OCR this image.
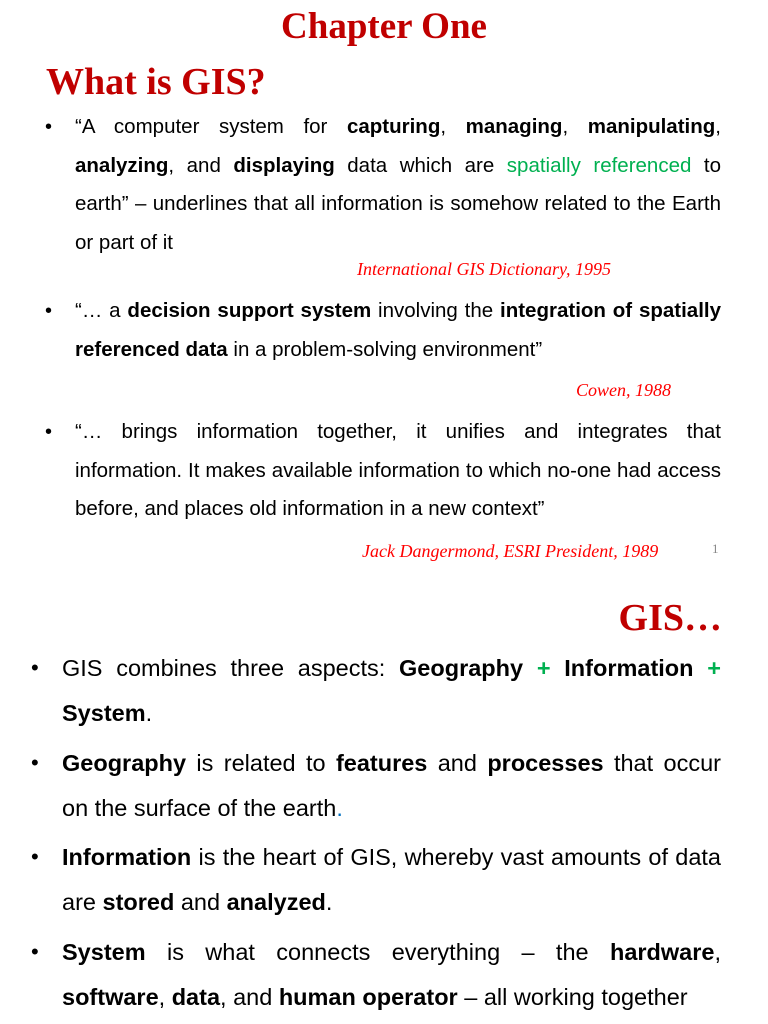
Chapter One
What is GIS?
• “A computer system for capturing, managing, manipulating, analyzing, and displaying data which are spatially referenced to earth” – underlines that all information is somehow related to the Earth or part of it
International GIS Dictionary, 1995
• “… a decision support system involving the integration of spatially referenced data in a problem-solving environment”
Cowen, 1988
• “… brings information together, it unifies and integrates that information. It makes available information to which no-one had access before, and places old information in a new context”
Jack Dangermond, ESRI President, 1989	1
GIS…
• GIS combines three aspects: Geography + Information + System.
• Geography is related to features and processes that occur on the surface of the earth.
• Information is the heart of GIS, whereby vast amounts of data are stored and analyzed.
• System is what connects everything – the hardware, software, data, and human operator – all working together
